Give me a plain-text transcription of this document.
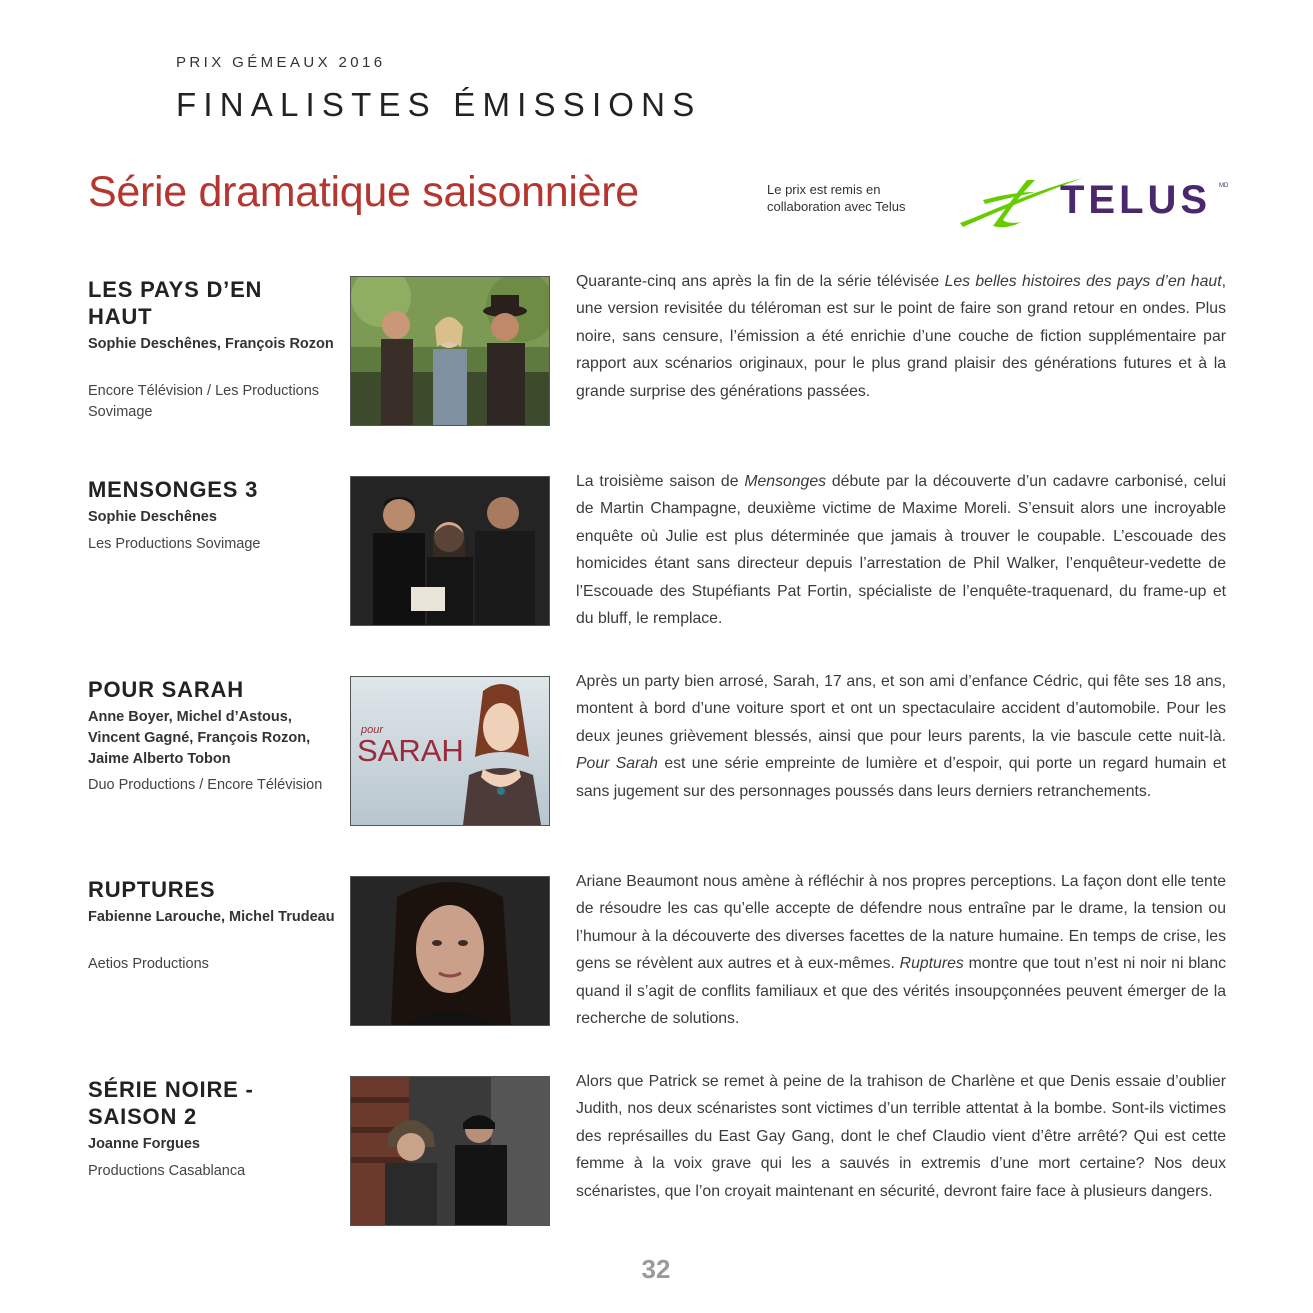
PRIX GÉMEAUX 2016
FINALISTES ÉMISSIONS
Série dramatique saisonnière	Le prix est remis en collaboration avec Telus	TELUS MD
LES PAYS D’EN HAUT

Sophie Deschênes, François Rozon

Encore Télévision / Les Productions Sovimage

Quarante-cinq ans après la fin de la série télévisée Les belles histoires des pays d’en haut, une version revisitée du téléroman est sur le point de faire son grand retour en ondes. Plus noire, sans censure, l’émission a été enrichie d’une couche de fiction supplémentaire par rapport aux scénarios originaux, pour le plus grand plaisir des générations futures et à la grande surprise des générations passées.

MENSONGES 3

Sophie Deschênes

Les Productions Sovimage

La troisième saison de Mensonges débute par la découverte d’un cadavre carbonisé, celui de Martin Champagne, deuxième victime de Maxime Moreli. S’ensuit alors une incroyable enquête où Julie est plus déterminée que jamais à trouver le coupable. L’escouade des homicides étant sans directeur depuis l’arrestation de Phil Walker, l’enquêteur-vedette de l’Escouade des Stupéfiants Pat Fortin, spécialiste de l’enquête-traquenard, du frame-up et du bluff, le remplace.

POUR SARAH

Anne Boyer, Michel d’Astous, Vincent Gagné, François Rozon, Jaime Alberto Tobon

Duo Productions / Encore Télévision

pour
SARAH

Après un party bien arrosé, Sarah, 17 ans, et son ami d’enfance Cédric, qui fête ses 18 ans, montent à bord d’une voiture sport et ont un spectaculaire accident d’automobile. Pour les deux jeunes grièvement blessés, ainsi que pour leurs parents, la vie bascule cette nuit-là. Pour Sarah est une série empreinte de lumière et d’espoir, qui porte un regard humain et sans jugement sur des personnages poussés dans leurs derniers retranchements.

RUPTURES

Fabienne Larouche, Michel Trudeau

Aetios Productions

Ariane Beaumont nous amène à réfléchir à nos propres perceptions. La façon dont elle tente de résoudre les cas qu’elle accepte de défendre nous entraîne par le drame, la tension ou l’humour à la découverte des diverses facettes de la nature humaine. En temps de crise, les gens se révèlent aux autres et à eux-mêmes. Ruptures montre que tout n’est ni noir ni blanc quand il s’agit de conflits familiaux et que des vérités insoupçonnées peuvent émerger de la recherche de solutions.

SÉRIE NOIRE - SAISON 2

Joanne Forgues

Productions Casablanca

Alors que Patrick se remet à peine de la trahison de Charlène et que Denis essaie d’oublier Judith, nos deux scénaristes sont victimes d’un terrible attentat à la bombe. Sont-ils victimes des représailles du East Gay Gang, dont le chef Claudio vient d’être arrêté? Qui est cette femme à la voix grave qui les a sauvés in extremis d’une mort certaine? Nos deux scénaristes, que l’on croyait maintenant en sécurité, devront faire face à plusieurs dangers.

32
